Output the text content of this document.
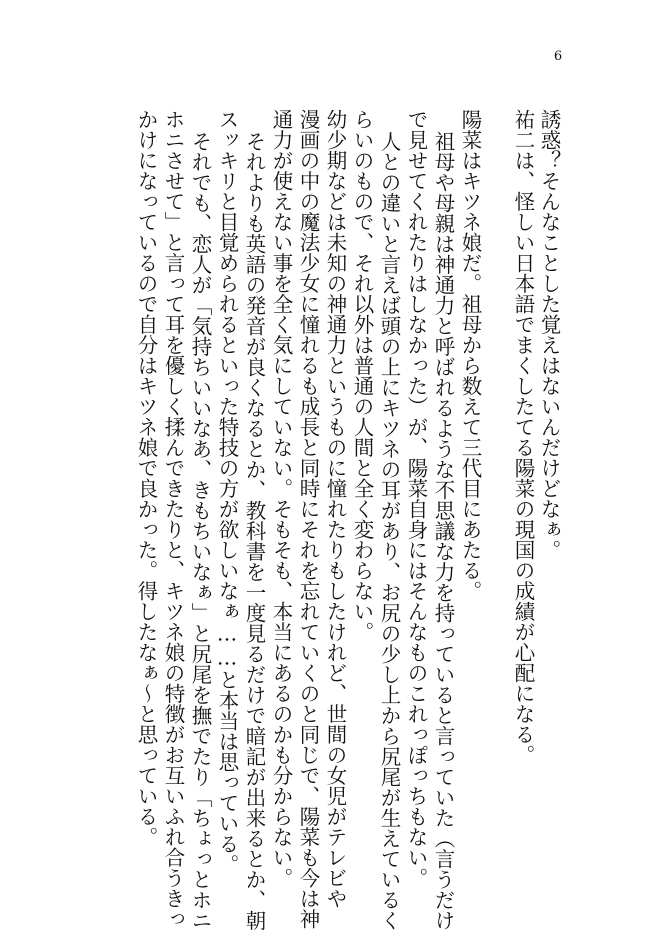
6
誘惑？そんなことした覚えはないんだけどなぁ。
祐二は、怪しい日本語でまくしたてる陽菜の現国の成績が心配になる。
陽菜はキツネ娘だ。祖母から数えて三代目にあたる。
祖母や母親は神通力と呼ばれるような不思議な力を持っていると言っていた（言うだけ
で見せてくれたりはしなかった）が、陽菜自身にはそんなものこれっぽっちもない。
人との違いと言えば頭の上にキツネの耳があり、お尻の少し上から尻尾が生えているく
らいのもので、それ以外は普通の人間と全く変わらない。
幼少期などは未知の神通力というものに憧れたりもしたけれど、世間の女児がテレビや
漫画の中の魔法少女に憧れるも成長と同時にそれを忘れていくのと同じで、陽菜も今は神
通力が使えない事を全く気にしていない。そもそも、本当にあるのかも分からない。
それよりも英語の発音が良くなるとか、教科書を一度見るだけで暗記が出来るとか、朝
スッキリと目覚められるといった特技の方が欲しいなぁ……と本当は思っている。
それでも、恋人が「気持ちいいなあ、きもちいなぁ」と尻尾を撫でたり「ちょっとホニ
ホニさせて」と言って耳を優しく揉んできたりと、キツネ娘の特徴がお互いふれ合うきっ
かけになっているので自分はキツネ娘で良かった。得したなぁ～と思っている。
